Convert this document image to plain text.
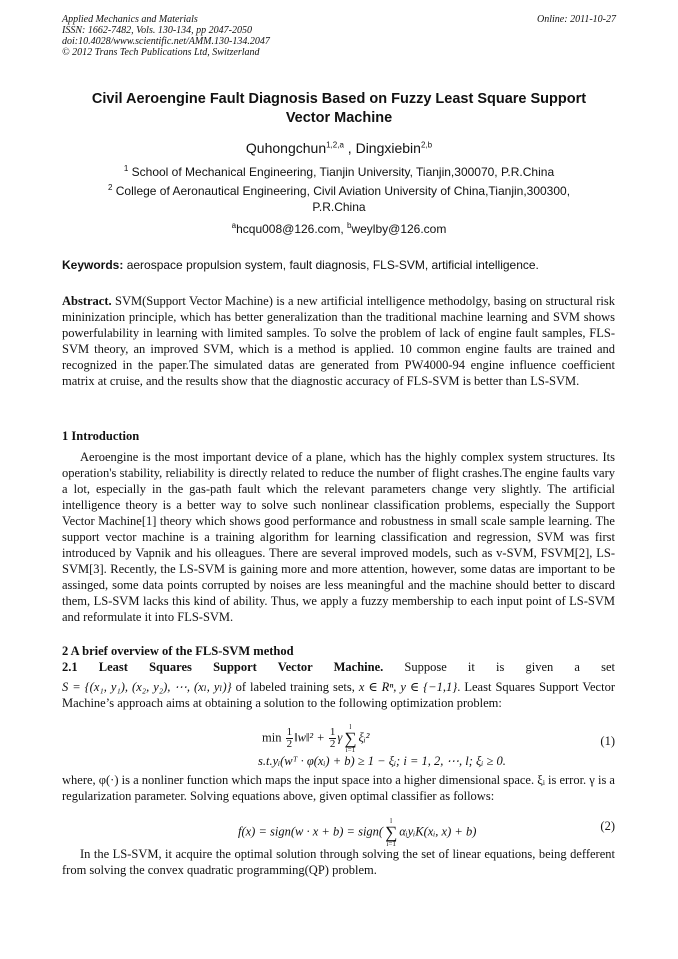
Applied Mechanics and Materials
ISSN: 1662-7482, Vols. 130-134, pp 2047-2050
doi:10.4028/www.scientific.net/AMM.130-134.2047
© 2012 Trans Tech Publications Ltd, Switzerland
Online: 2011-10-27
Civil Aeroengine Fault Diagnosis Based on Fuzzy Least Square Support
Vector Machine
Quhongchun$^{1,2,a}$ , Dingxiebin$^{2,b}$
$^1$ School of Mechanical Engineering, Tianjin University, Tianjin,300070, P.R.China
$^2$ College of Aeronautical Engineering, Civil Aviation University of China,Tianjin,300300,
P.R.China
$^a$hcqu008@126.com, $^b$weylby@126.com
Keywords: aerospace propulsion system, fault diagnosis, FLS-SVM, artificial intelligence.

Abstract. SVM(Support Vector Machine) is a new artificial intelligence methodolgy, basing on structural risk mininization principle, which has better generalization than the traditional machine learning and SVM shows powerfulability in learning with limited samples. To solve the problem of lack of engine fault samples, FLS-SVM theory, an improved SVM, which is a method is applied. 10 common engine faults are trained and recognized in the paper.The simulated datas are generated from PW4000-94 engine influence coefficient matrix at cruise, and the results show that the diagnostic accuracy of FLS-SVM is better than LS-SVM.

1 Introduction

Aeroengine is the most important device of a plane, which has the highly complex system structures. Its operation's stability, reliability is directly related to reduce the number of flight crashes.The engine faults vary a lot, especially in the gas-path fault which the relevant parameters change very slightly. The artificial intelligence theory is a better way to solve such nonlinear classification problems, especially the Support Vector Machine[1] theory which shows good performance and robustness in small scale sample learning. The support vector machine is a training algorithm for learning classification and regression, SVM was first introduced by Vapnik and his olleagues. There are several improved models, such as v-SVM, FSVM[2], LS-SVM[3]. Recently, the LS-SVM is gaining more and more attention, however, some datas are important to be assinged, some data points corrupted by noises are less meaningful and the machine should better to discard them, LS-SVM lacks this kind of ability. Thus, we apply a fuzzy membership to each input point of LS-SVM and reformulate it into FLS-SVM.

2 A brief overview of the FLS-SVM method

2.1 Least Squares Support Vector Machine. Suppose it is given a set

S = {(x₁, y₁), (x₂, y₂), ⋯, (xₗ, yₗ)} of labeled training sets, x ∈ Rⁿ, y ∈ {−1,1}. Least Squares Support Vector Machine’s approach aims at obtaining a solution to the following optimization problem:

$\min \frac{1}{2}$ ‖w‖² + $\frac{1}{2}$ γ
l
∑
i=1
ξᵢ²
s.t.yᵢ(wᵀ · φ(xᵢ) + b) ≥ 1 − ξᵢ; i = 1, 2, ⋯, l; ξᵢ ≥ 0.
(1)

where, φ(·) is a nonliner function which maps the input space into a higher dimensional space. ξᵢ is error. γ is a regularization parameter. Solving equations above, given optimal classifier as follows:

f(x) = sign(w · x + b) = sign(
l
∑
i=1
αᵢyᵢK(xᵢ, x) + b)	(2)

In the LS-SVM, it acquire the optimal solution through solving the set of linear equations, being defferent from solving the convex quadratic programming(QP) problem.
